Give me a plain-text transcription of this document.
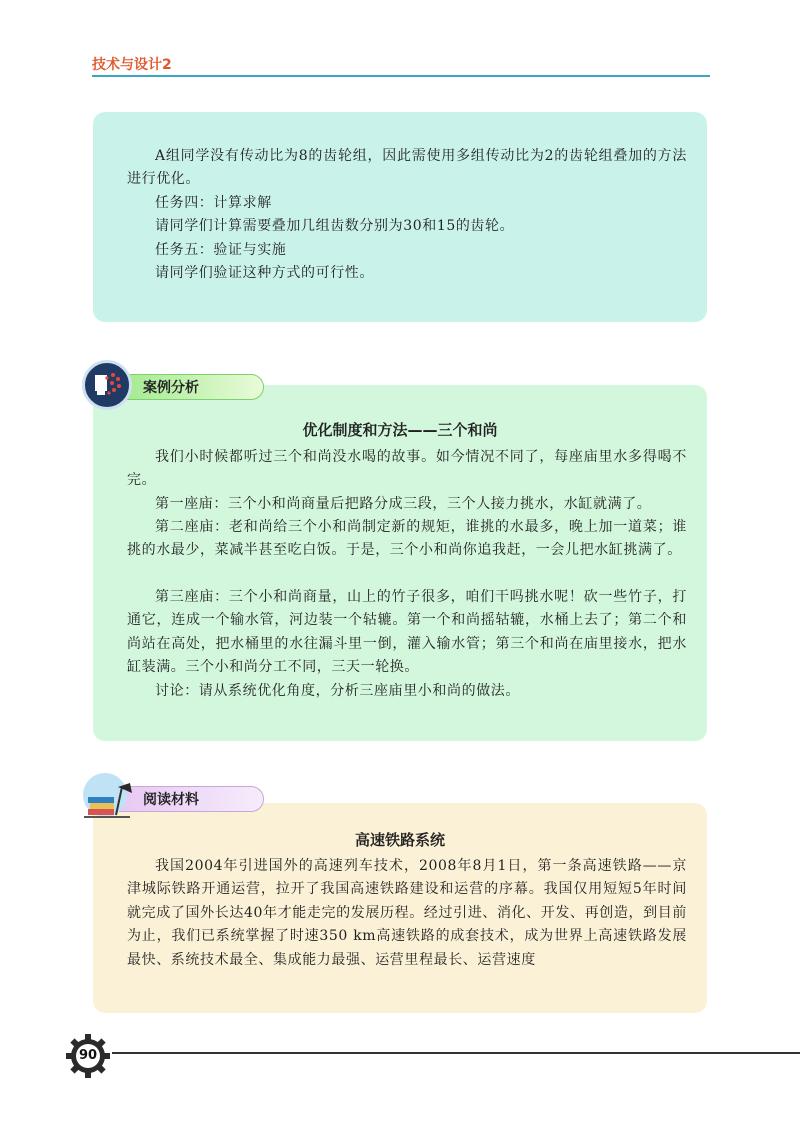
技术与设计2
A组同学没有传动比为8的齿轮组，因此需使用多组传动比为2的齿轮组叠加的方法进行优化。
任务四：计算求解
请同学们计算需要叠加几组齿数分别为30和15的齿轮。
任务五：验证与实施
请同学们验证这种方式的可行性。
案例分析
优化制度和方法——三个和尚
我们小时候都听过三个和尚没水喝的故事。如今情况不同了，每座庙里水多得喝不完。
第一座庙：三个小和尚商量后把路分成三段，三个人接力挑水，水缸就满了。
第二座庙：老和尚给三个小和尚制定新的规矩，谁挑的水最多，晚上加一道菜；谁挑的水最少，菜减半甚至吃白饭。于是，三个小和尚你追我赶，一会儿把水缸挑满了。
第三座庙：三个小和尚商量，山上的竹子很多，咱们干吗挑水呢！砍一些竹子，打通它，连成一个输水管，河边装一个轱辘。第一个和尚摇轱辘，水桶上去了；第二个和尚站在高处，把水桶里的水往漏斗里一倒，灌入输水管；第三个和尚在庙里接水，把水缸装满。三个小和尚分工不同，三天一轮换。
讨论：请从系统优化角度，分析三座庙里小和尚的做法。
阅读材料
高速铁路系统
我国2004年引进国外的高速列车技术，2008年8月1日，第一条高速铁路——京津城际铁路开通运营，拉开了我国高速铁路建设和运营的序幕。我国仅用短短5年时间就完成了国外长达40年才能走完的发展历程。经过引进、消化、开发、再创造，到目前为止，我们已系统掌握了时速350 km高速铁路的成套技术，成为世界上高速铁路发展最快、系统技术最全、集成能力最强、运营里程最长、运营速度
90
